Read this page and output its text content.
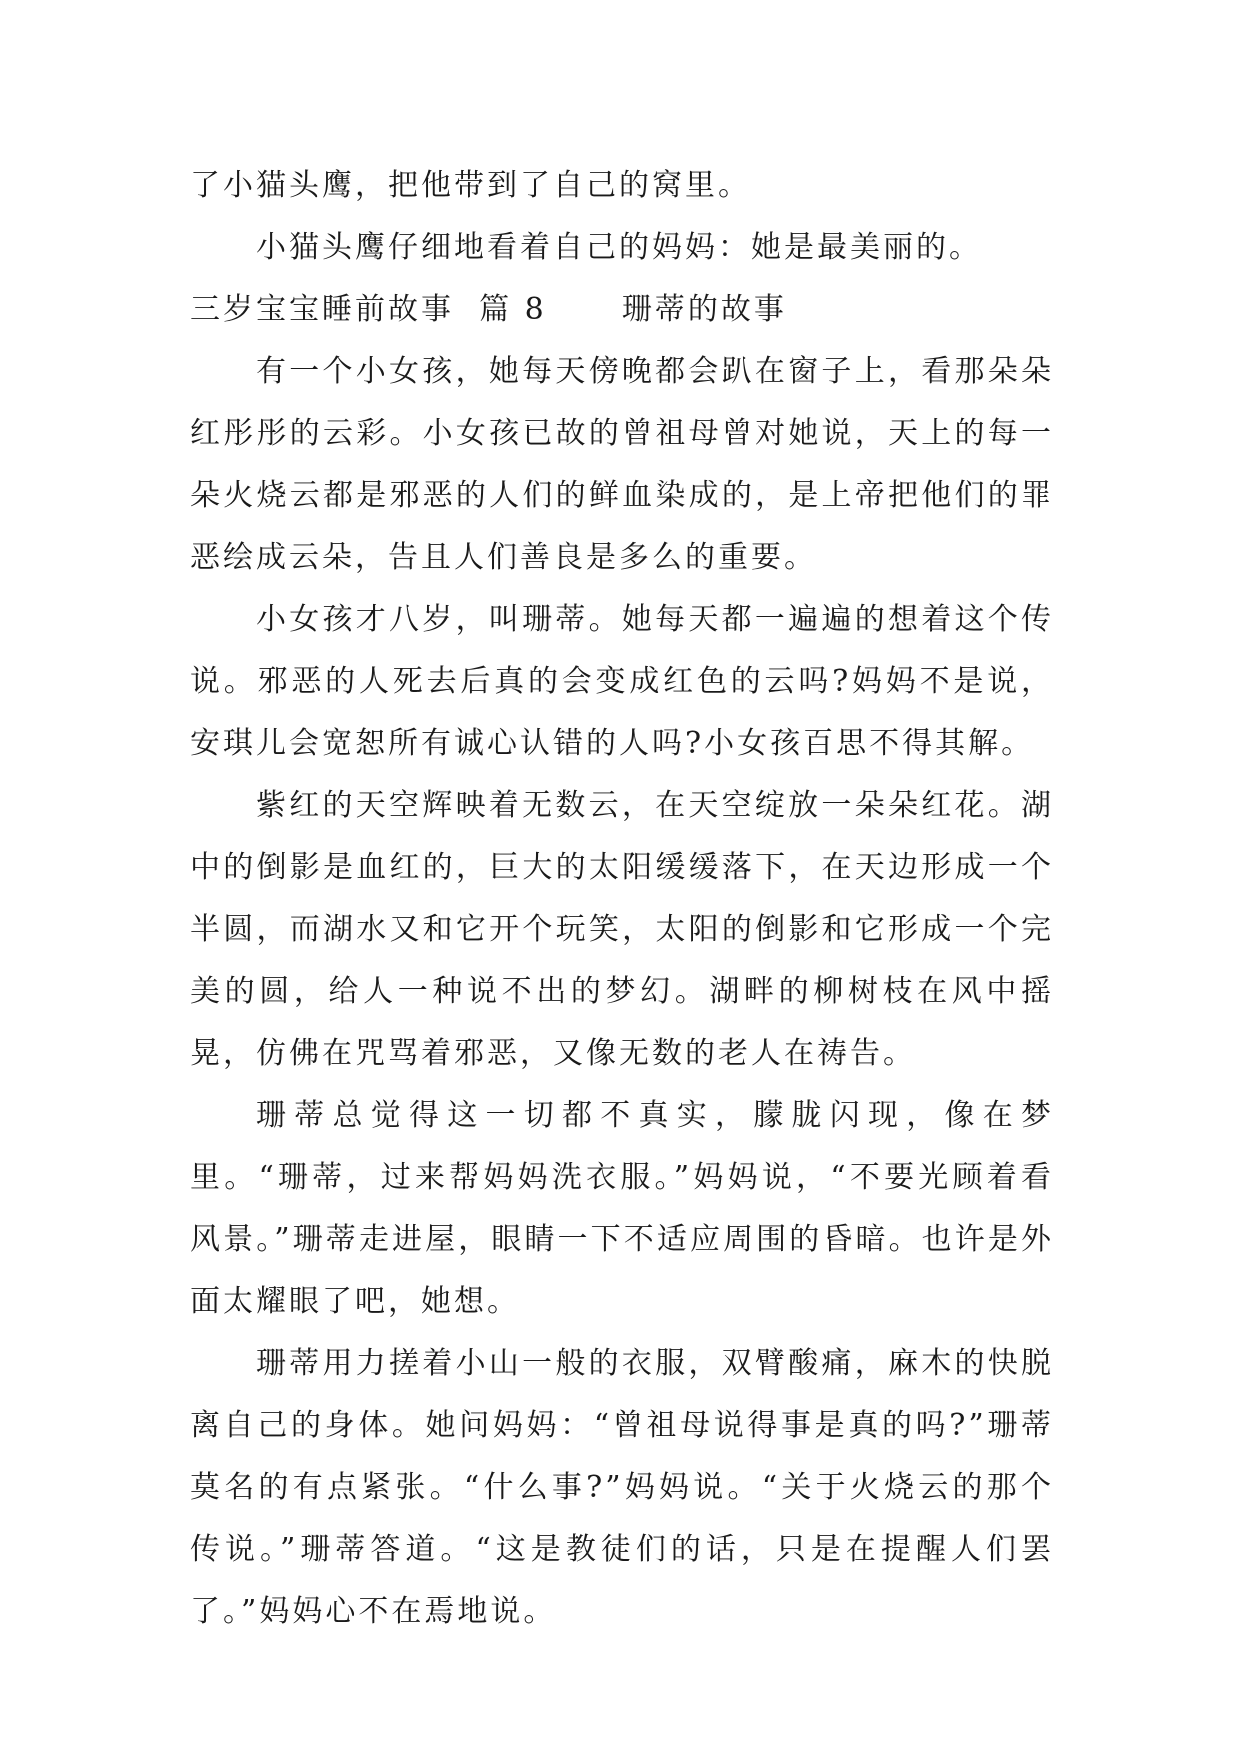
了小猫头鹰，把他带到了自己的窝里。

小猫头鹰仔细地看着自己的妈妈：她是最美丽的。

三岁宝宝睡前故事  篇 8      珊蒂的故事

有一个小女孩，她每天傍晚都会趴在窗子上，看那朵朵红彤彤的云彩。小女孩已故的曾祖母曾对她说，天上的每一朵火烧云都是邪恶的人们的鲜血染成的，是上帝把他们的罪恶绘成云朵，告且人们善良是多么的重要。

小女孩才八岁，叫珊蒂。她每天都一遍遍的想着这个传说。邪恶的人死去后真的会变成红色的云吗?妈妈不是说，安琪儿会宽恕所有诚心认错的人吗?小女孩百思不得其解。

紫红的天空辉映着无数云，在天空绽放一朵朵红花。湖中的倒影是血红的，巨大的太阳缓缓落下，在天边形成一个半圆，而湖水又和它开个玩笑，太阳的倒影和它形成一个完美的圆，给人一种说不出的梦幻。湖畔的柳树枝在风中摇晃，仿佛在咒骂着邪恶，又像无数的老人在祷告。

珊蒂总觉得这一切都不真实，朦胧闪现，像在梦里。“珊蒂，过来帮妈妈洗衣服。”妈妈说，“不要光顾着看风景。”珊蒂走进屋，眼睛一下不适应周围的昏暗。也许是外面太耀眼了吧，她想。

珊蒂用力搓着小山一般的衣服，双臂酸痛，麻木的快脱离自己的身体。她问妈妈：“曾祖母说得事是真的吗?”珊蒂莫名的有点紧张。“什么事?”妈妈说。“关于火烧云的那个传说。”珊蒂答道。“这是教徒们的话，只是在提醒人们罢了。”妈妈心不在焉地说。
